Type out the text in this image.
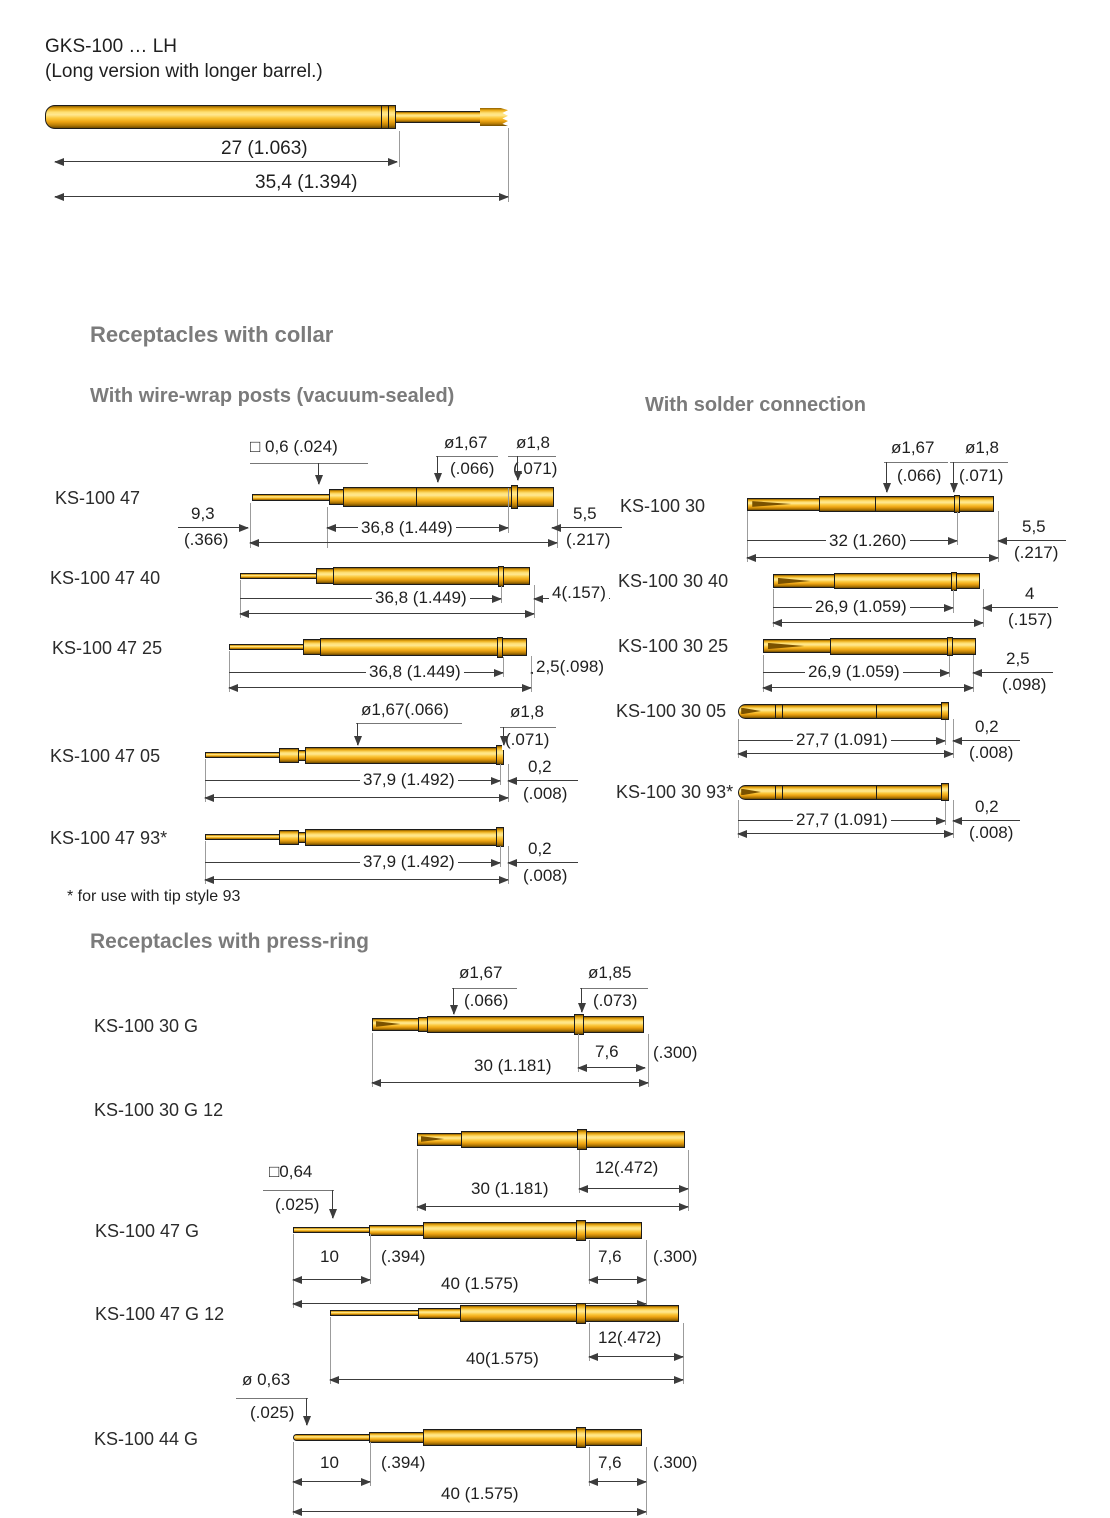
GKS-100 … LH
(Long version with longer barrel.)
27 (1.063)
35,4 (1.394)
Receptacles with collar
With wire-wrap posts (vacuum-sealed)	With solder connection
KS-100 47
□ 0,6 (.024)	ø1,67
(.066)
ø1,8
(.071)
9,3
(.366)
36,8 (1.449)
5,5
(.217)
KS-100 47 40
36,8 (1.449)	4(.157)
KS-100 47 25
36,8 (1.449)	2,5(.098)
KS-100 47 05
ø1,67(.066)	ø1,8
(.071)
37,9 (1.492)
0,2
(.008)
KS-100 47 93*
37,9 (1.492)
0,2
(.008)
KS-100 30
ø1,67
(.066)
ø1,8
(.071)
32 (1.260)
5,5
(.217)
KS-100 30 40
26,9 (1.059)
4
(.157)
KS-100 30 25
26,9 (1.059)
2,5
(.098)
KS-100 30 05
27,7 (1.091)
0,2
(.008)
KS-100 30 93*
27,7 (1.091)
0,2
(.008)
* for use with tip style 93
Receptacles with press-ring
KS-100 30 G
ø1,67
(.066)
ø1,85
(.073)
7,6 (.300)
30 (1.181)
KS-100 30 G 12
12(.472)
30 (1.181)
KS-100 47 G
□0,64
(.025)
10 (.394)	7,6 (.300)
40 (1.575)
KS-100 47 G 12
12(.472)
40(1.575)
KS-100 44 G
ø 0,63
(.025)
10 (.394)	7,6 (.300)
40 (1.575)
